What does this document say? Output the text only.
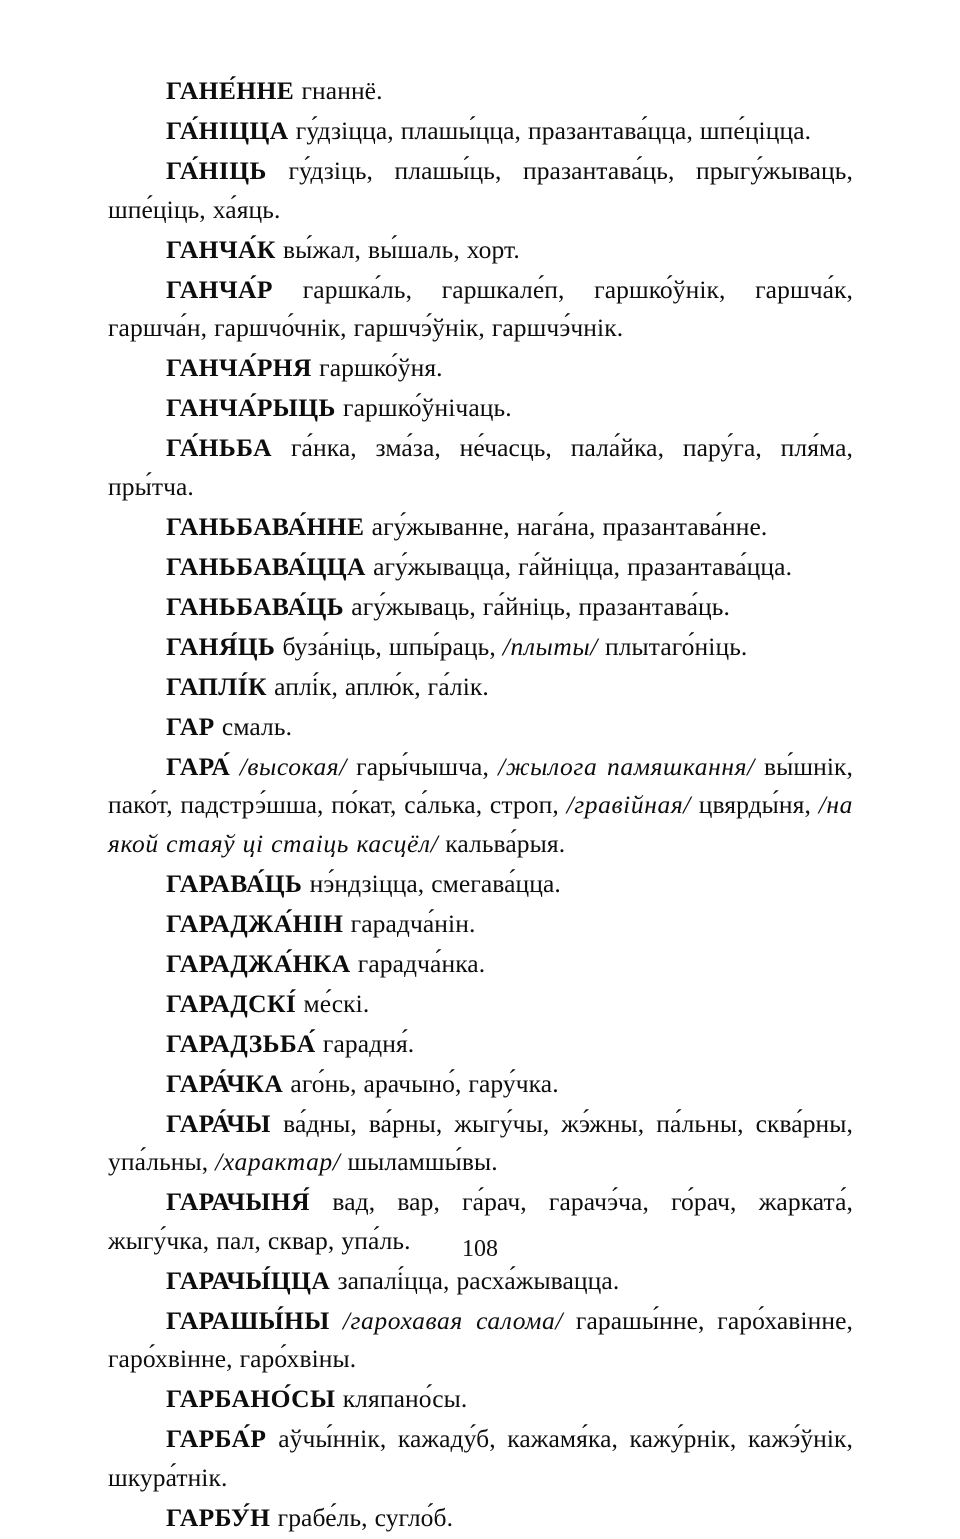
ГАНЕ́ННЕ гнаннё.

ГА́НІЦЦА гу́дзіцца, плашы́цца, празантава́цца, шпе́ціцца.

ГА́НІЦЬ гу́дзіць, плашы́ць, празантава́ць, прыгу́жываць, шпе́ціць, ха́яць.

ГАНЧА́К вы́жал, вы́шаль, хорт.

ГАНЧА́Р гаршка́ль, гаршкале́п, гаршко́ўнік, гаршча́к, гаршча́н, гаршчо́чнік, гаршчэ́ўнік, гаршчэ́чнік.

ГАНЧА́РНЯ гаршко́ўня.

ГАНЧА́РЫЦЬ гаршко́ўнічаць.

ГА́НЬБА га́нка, зма́за, не́часць, пала́йка, пару́га, пля́ма, пры́тча.

ГАНЬБАВА́ННЕ агу́жыванне, нага́на, празантава́нне.

ГАНЬБАВА́ЦЦА агу́жывацца, га́йніцца, празантава́цца.

ГАНЬБАВА́ЦЬ агу́жываць, га́йніць, празантава́ць.

ГАНЯ́ЦЬ буза́ніць, шпы́раць, /плыты/ плытаго́ніць.

ГАПЛІ́К аплі́к, аплю́к, га́лік.

ГАР смаль.

ГАРА́ /высокая/ гары́чышча, /жылога памяшкання/ вы́шнік, пако́т, падстрэ́шша, по́кат, са́лька, строп, /гравійная/ цвярды́ня, /на якой стаяў ці стаіць касцёл/ кальва́рыя.

ГАРАВА́ЦЬ нэ́ндзіцца, смегава́цца.

ГАРАДЖА́НІН гарадча́нін.

ГАРАДЖА́НКА гарадча́нка.

ГАРАДСКІ́ ме́скі.

ГАРАДЗЬБА́ гарадня́.

ГАРА́ЧКА аго́нь, арачыно́, гару́чка.

ГАРА́ЧЫ ва́дны, ва́рны, жыгу́чы, жэ́жны, па́льны, сква́рны, упа́льны, /характар/ шыламшы́вы.

ГАРАЧЫНЯ́ вад, вар, га́рач, гарачэ́ча, го́рач, жарката́, жыгу́чка, пал, сквар, упа́ль.

ГАРАЧЫ́ЦЦА запалі́цца, расха́жывацца.

ГАРАШЫ́НЫ /гарохавая салома/ гарашы́нне, гаро́хавінне, гаро́хвінне, гаро́хвіны.

ГАРБАНО́СЫ кляпано́сы.

ГАРБА́Р аўчы́ннік, кажаду́б, кажамя́ка, кажу́рнік, кажэ́ўнік, шкура́тнік.

ГАРБУ́Н грабе́ль, сугло́б.

108
